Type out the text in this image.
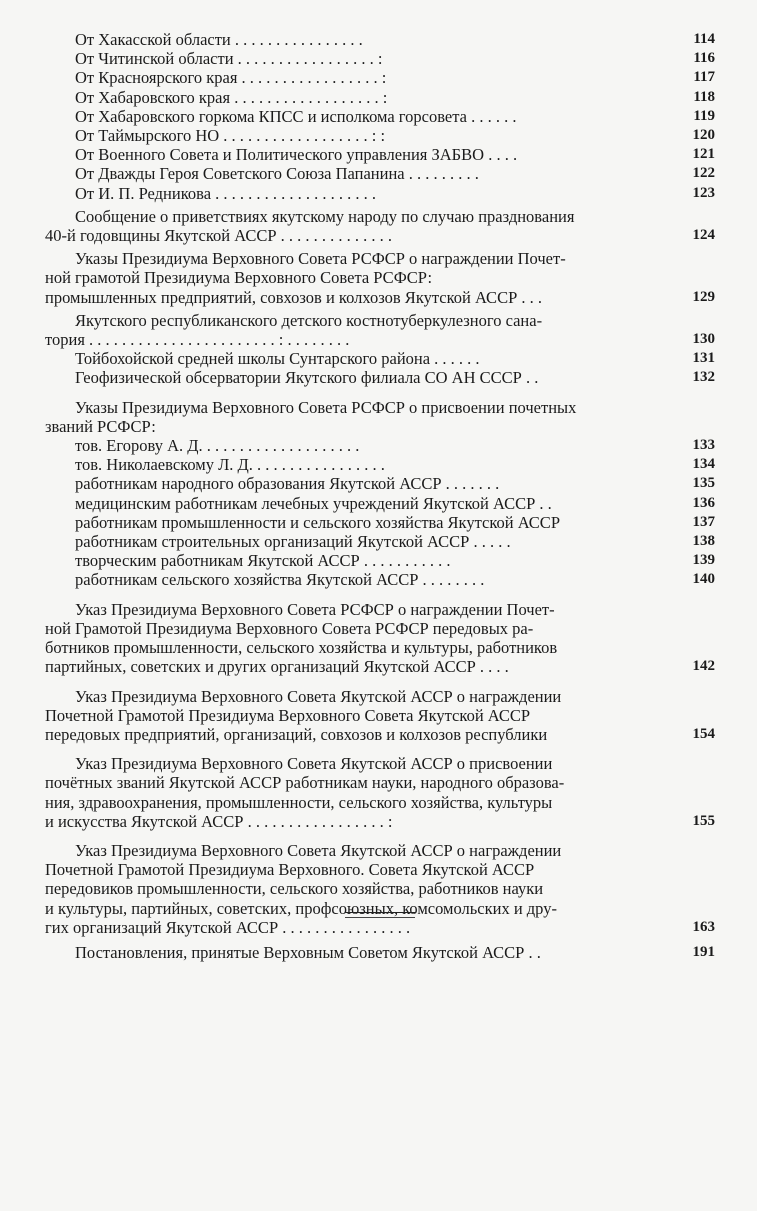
От Хакасской области . . . . . . . . . . . . . . . .	114
От Читинской области . . . . . . . . . . . . . . . . . :	116
От Красноярского края . . . . . . . . . . . . . . . . . :	117
От Хабаровского края . . . . . . . . . . . . . . . . . . :	118
От Хабаровского горкома КПСС и исполкома горсовета . . . . . .	119
От Таймырского НО . . . . . . . . . . . . . . . . . . : :	120
От Военного Совета и Политического управления ЗАБВО . . . .	121
От Дважды Героя Советского Союза Папанина . . . . . . . . .	122
От И. П. Редникова . . . . . . . . . . . . . . . . . . . .	123
Сообщение о приветствиях якутскому народу по случаю празднования
40-й годовщины Якутской АССР . . . . . . . . . . . . . .	124
Указы Президиума Верховного Совета РСФСР о награждении Почет-
ной грамотой Президиума Верховного Совета РСФСР:
промышленных предприятий, совхозов и колхозов Якутской АССР . . .	129
Якутского республиканского детского костнотуберкулезного сана-
тория . . . . . . . . . . . . . . . . . . . . . . . : . . . . . . . .	130
Тойбохойской средней школы Сунтарского района . . . . . .	131
Геофизической обсерватории Якутского филиала СО АН СССР . .	132
Указы Президиума Верховного Совета РСФСР о присвоении почетных
званий РСФСР:
тов. Егорову А. Д. . . . . . . . . . . . . . . . . . . .	133
тов. Николаевскому Л. Д. . . . . . . . . . . . . . . . .	134
работникам народного образования Якутской АССР . . . . . . .	135
медицинским работникам лечебных учреждений Якутской АССР . .	136
работникам промышленности и сельского хозяйства Якутской АССР	137
работникам строительных организаций Якутской АССР . . . . .	138
творческим работникам Якутской АССР . . . . . . . . . . .	139
работникам сельского хозяйства Якутской АССР . . . . . . . .	140
Указ Президиума Верховного Совета РСФСР о награждении Почет-
ной Грамотой Президиума Верховного Совета РСФСР передовых ра-
ботников промышленности, сельского хозяйства и культуры, работников
партийных, советских и других организаций Якутской АССР . . . .	142
Указ Президиума Верховного Совета Якутской АССР о награждении
Почетной Грамотой Президиума Верховного Совета Якутской АССР
передовых предприятий, организаций, совхозов и колхозов республики	154
Указ Президиума Верховного Совета Якутской АССР о присвоении
почётных званий Якутской АССР работникам науки, народного образова-
ния, здравоохранения, промышленности, сельского хозяйства, культуры
и искусства Якутской АССР . . . . . . . . . . . . . . . . . :	155
Указ Президиума Верховного Совета Якутской АССР о награждении
Почетной Грамотой Президиума Верховного. Совета Якутской АССР
передовиков промышленности, сельского хозяйства, работников науки
и культуры, партийных, советских, профсоюзных, комсомольских и дру-
гих организаций Якутской АССР . . . . . . . . . . . . . . . .	163
Постановления, принятые Верховным Советом Якутской АССР . .	191
